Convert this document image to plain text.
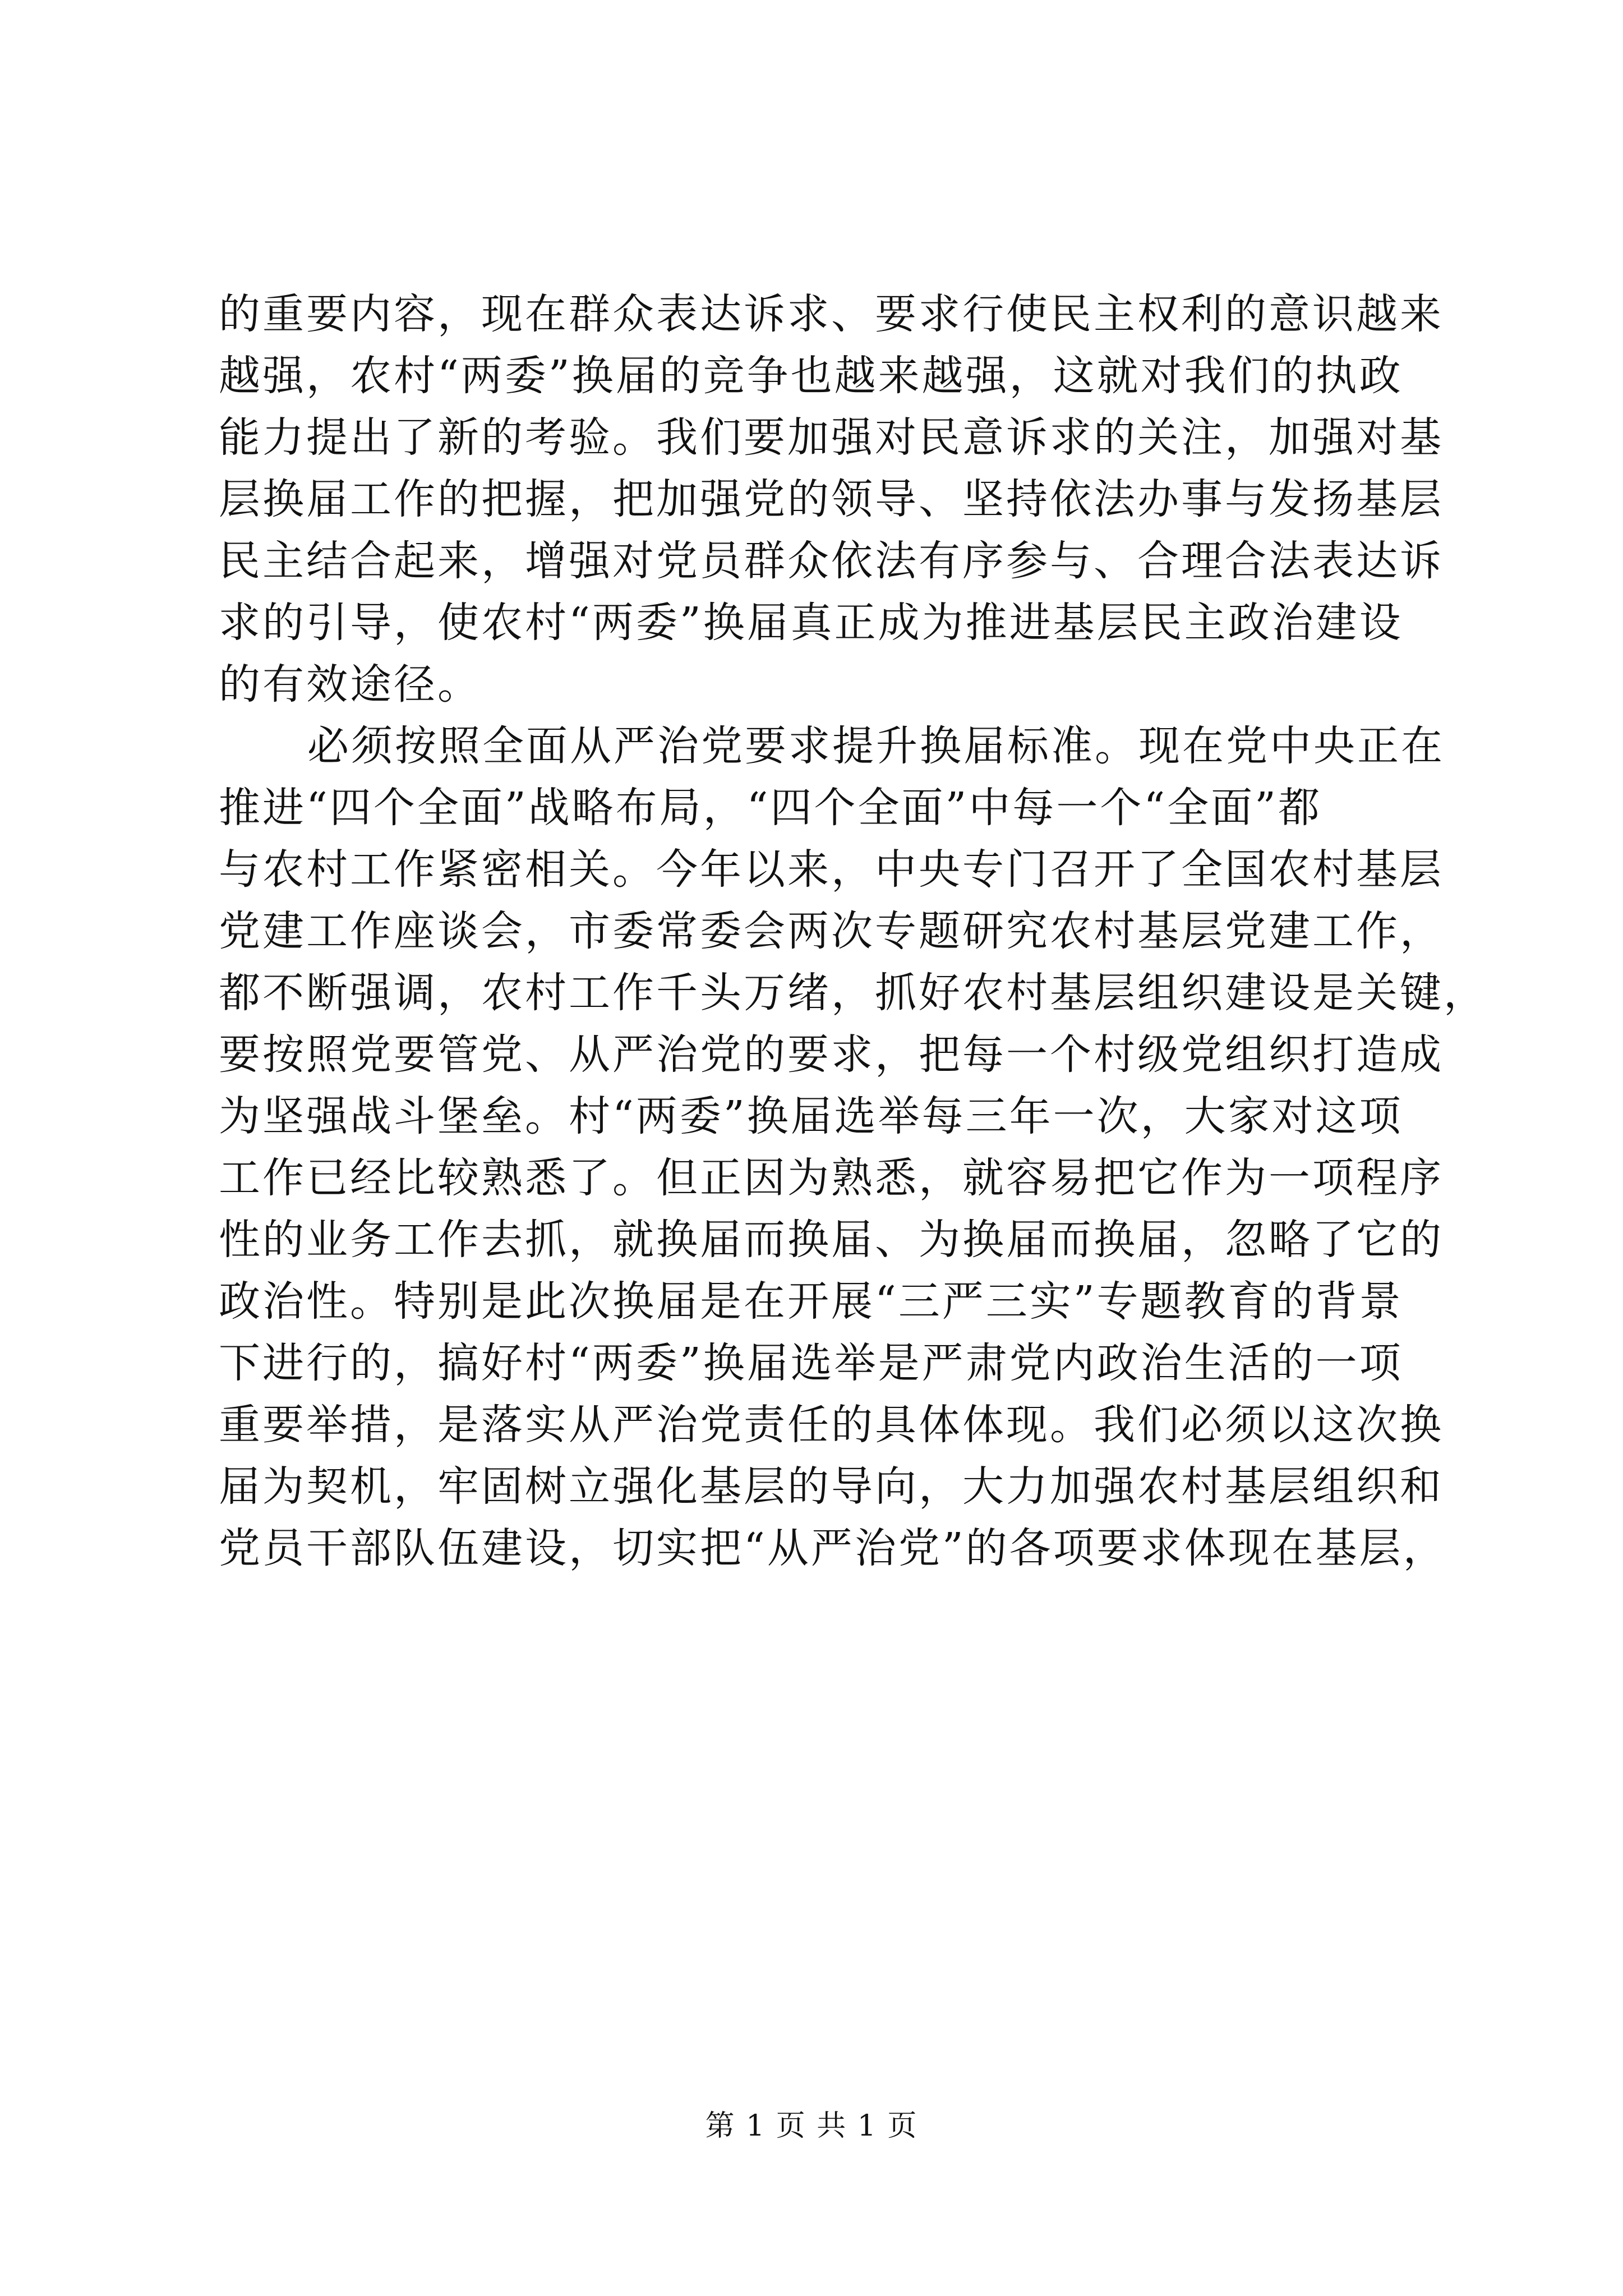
的重要内容，现在群众表达诉求、要求行使民主权利的意识越来
越强，农村“两委”换届的竞争也越来越强，这就对我们的执政
能力提出了新的考验。我们要加强对民意诉求的关注，加强对基
层换届工作的把握，把加强党的领导、坚持依法办事与发扬基层
民主结合起来，增强对党员群众依法有序参与、合理合法表达诉
求的引导，使农村“两委”换届真正成为推进基层民主政治建设
的有效途径。
必须按照全面从严治党要求提升换届标准。现在党中央正在
推进“四个全面”战略布局，“四个全面”中每一个“全面”都
与农村工作紧密相关。今年以来，中央专门召开了全国农村基层
党建工作座谈会，市委常委会两次专题研究农村基层党建工作，
都不断强调，农村工作千头万绪，抓好农村基层组织建设是关键，
要按照党要管党、从严治党的要求，把每一个村级党组织打造成
为坚强战斗堡垒。村“两委”换届选举每三年一次，大家对这项
工作已经比较熟悉了。但正因为熟悉，就容易把它作为一项程序
性的业务工作去抓，就换届而换届、为换届而换届，忽略了它的
政治性。特别是此次换届是在开展“三严三实”专题教育的背景
下进行的，搞好村“两委”换届选举是严肃党内政治生活的一项
重要举措，是落实从严治党责任的具体体现。我们必须以这次换
届为契机，牢固树立强化基层的导向，大力加强农村基层组织和
党员干部队伍建设，切实把“从严治党”的各项要求体现在基层，
第 1 页 共 1 页
